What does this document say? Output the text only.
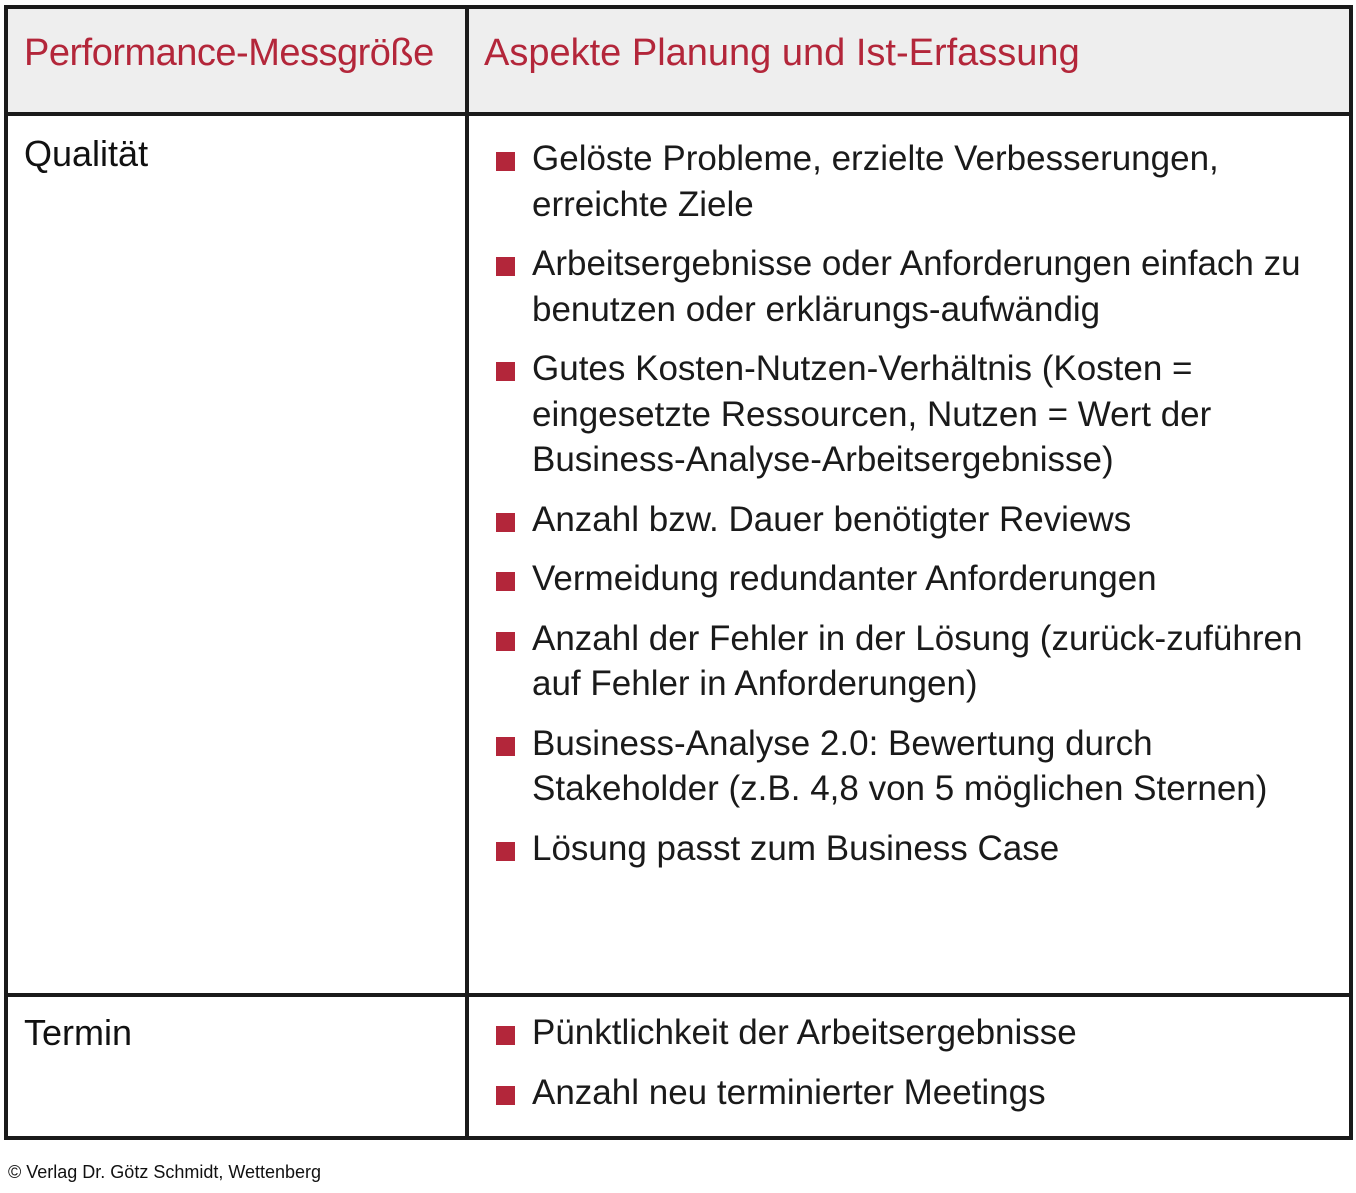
Performance-Messgröße Aspekte Planung und Ist-Erfassung
Qualität	Gelöste Probleme, erzielte Verbesserungen, erreichte Ziele
Arbeitsergebnisse oder Anforderungen einfach zu benutzen oder erklärungs-aufwändig
Gutes Kosten-Nutzen-Verhältnis (Kosten = eingesetzte Ressourcen, Nutzen = Wert der Business-Analyse-Arbeitsergebnisse)
Anzahl bzw. Dauer benötigter Reviews
Vermeidung redundanter Anforderungen
Anzahl der Fehler in der Lösung (zurück-zuführen auf Fehler in Anforderungen)
Business-Analyse 2.0: Bewertung durch Stakeholder (z.B. 4,8 von 5 möglichen Sternen)
Lösung passt zum Business Case
Termin	Pünktlichkeit der Arbeitsergebnisse
Anzahl neu terminierter Meetings
© Verlag Dr. Götz Schmidt, Wettenberg
